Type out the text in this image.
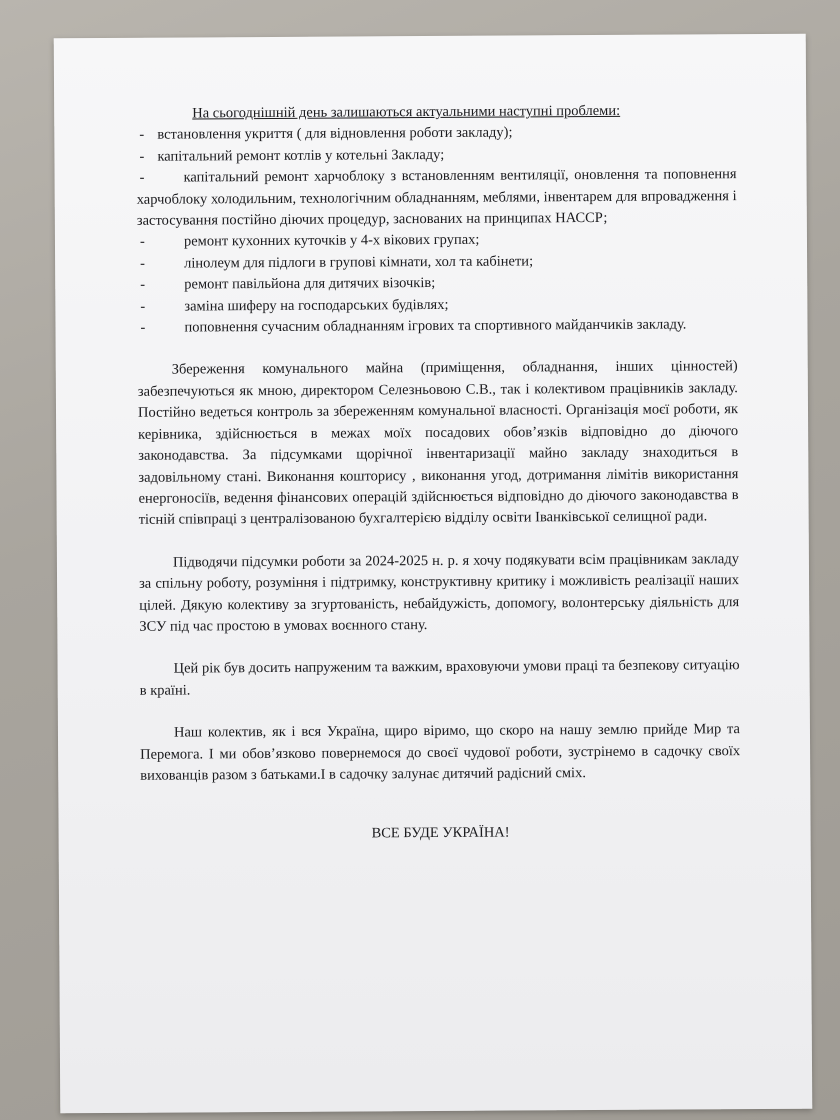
На сьогоднішній день залишаються актуальними наступні проблеми:
- встановлення укриття ( для відновлення роботи закладу);
- капітальний ремонт котлів у котельні Закладу;
-	капітальний ремонт харчоблоку з встановленням вентиляції, оновлення та поповнення харчоблоку холодильним, технологічним обладнанням, меблями, інвентарем для впровадження і застосування постійно діючих процедур, заснованих на принципах НАССР;
-	ремонт кухонних куточків у 4-х вікових групах;
-	лінолеум для підлоги в групові кімнати, хол та кабінети;
-	ремонт павільйона для дитячих візочків;
-	заміна шиферу на господарських будівлях;
-	поповнення сучасним обладнанням ігрових та спортивного майданчиків закладу.

Збереження комунального майна (приміщення, обладнання, інших цінностей) забезпечуються як мною, директором Селезньовою С.В., так і колективом працівників закладу. Постійно ведеться контроль за збереженням комунальної власності. Організація моєї роботи, як керівника, здійснюється в межах моїх посадових обов’язків відповідно до діючого законодавства. За підсумками щорічної інвентаризації майно закладу знаходиться в задовільному стані. Виконання кошторису , виконання угод, дотримання лімітів використання енергоносіїв, ведення фінансових операцій здійснюється відповідно до діючого законодавства в тісній співпраці з централізованою бухгалтерією відділу освіти Іванківської селищної ради.

Підводячи підсумки роботи за 2024-2025 н. р. я хочу подякувати всім працівникам закладу за спільну роботу, розуміння і підтримку, конструктивну критику і можливість реалізації наших цілей. Дякую колективу за згуртованість, небайдужість, допомогу, волонтерську діяльність для ЗСУ під час простою в умовах воєнного стану.

Цей рік був досить напруженим та важким, враховуючи умови праці та безпекову ситуацію в країні.

Наш колектив, як і вся Україна, щиро віримо, що скоро на нашу землю прийде Мир та Перемога. І ми обов’язково повернемося до своєї чудової роботи, зустрінемо в садочку своїх вихованців разом з батьками.І в садочку залунає дитячий радісний сміх.

ВСЕ БУДЕ УКРАЇНА!
